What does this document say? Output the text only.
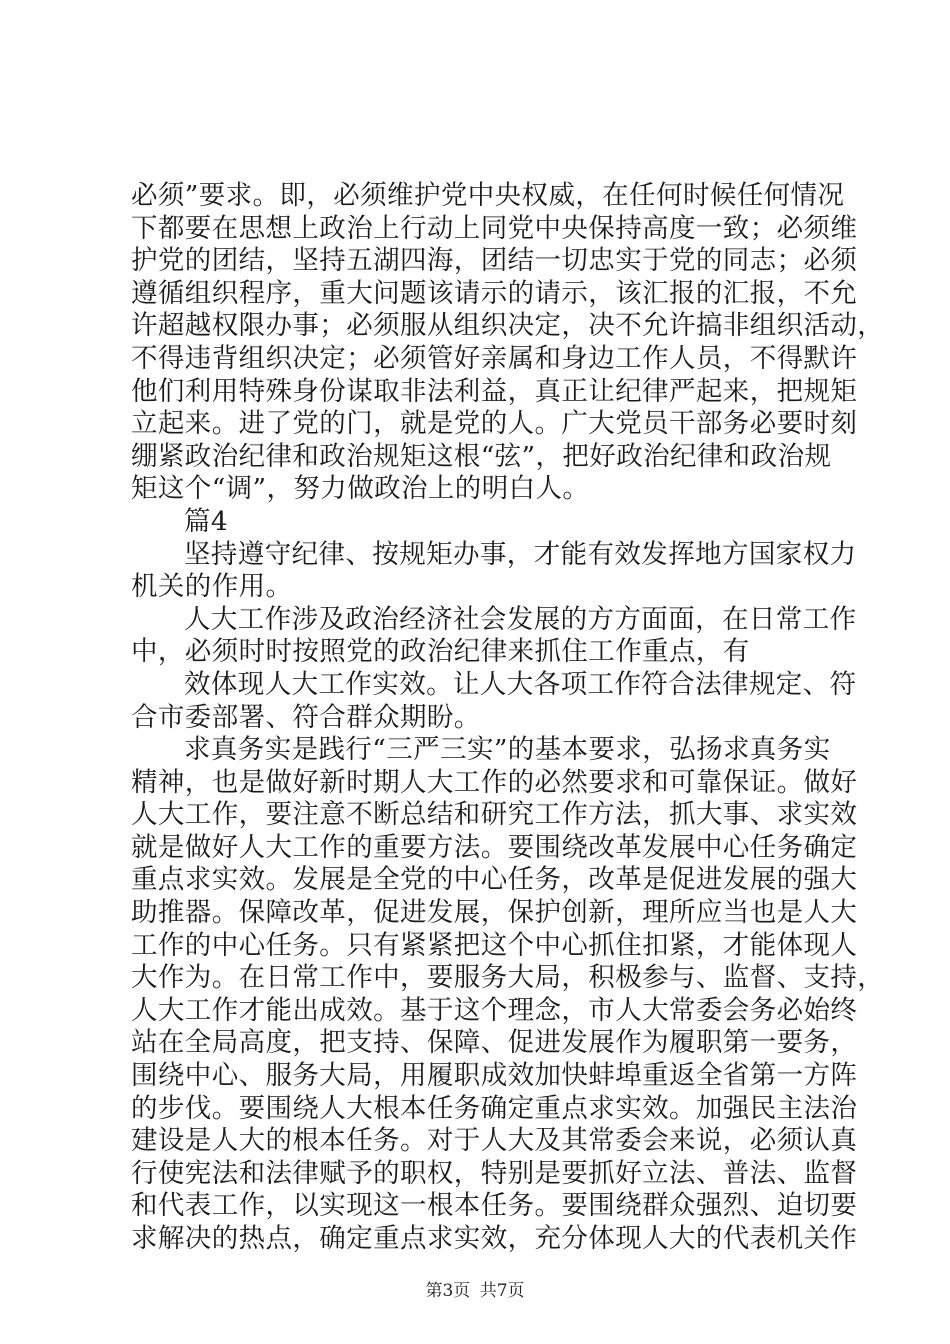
必须”要求。即，必须维护党中央权威，在任何时候任何情况
下都要在思想上政治上行动上同党中央保持高度一致；必须维
护党的团结，坚持五湖四海，团结一切忠实于党的同志；必须
遵循组织程序，重大问题该请示的请示，该汇报的汇报，不允
许超越权限办事；必须服从组织决定，决不允许搞非组织活动，
不得违背组织决定；必须管好亲属和身边工作人员，不得默许
他们利用特殊身份谋取非法利益，真正让纪律严起来，把规矩
立起来。进了党的门，就是党的人。广大党员干部务必要时刻
绷紧政治纪律和政治规矩这根“弦”，把好政治纪律和政治规
矩这个“调”，努力做政治上的明白人。
篇4
坚持遵守纪律、按规矩办事，才能有效发挥地方国家权力
机关的作用。
人大工作涉及政治经济社会发展的方方面面，在日常工作
中，必须时时按照党的政治纪律来抓住工作重点，有
效体现人大工作实效。让人大各项工作符合法律规定、符
合市委部署、符合群众期盼。
求真务实是践行“三严三实”的基本要求，弘扬求真务实
精神，也是做好新时期人大工作的必然要求和可靠保证。做好
人大工作，要注意不断总结和研究工作方法，抓大事、求实效
就是做好人大工作的重要方法。要围绕改革发展中心任务确定
重点求实效。发展是全党的中心任务，改革是促进发展的强大
助推器。保障改革，促进发展，保护创新，理所应当也是人大
工作的中心任务。只有紧紧把这个中心抓住扣紧，才能体现人
大作为。在日常工作中，要服务大局，积极参与、监督、支持，
人大工作才能出成效。基于这个理念，市人大常委会务必始终
站在全局高度，把支持、保障、促进发展作为履职第一要务，
围绕中心、服务大局，用履职成效加快蚌埠重返全省第一方阵
的步伐。要围绕人大根本任务确定重点求实效。加强民主法治
建设是人大的根本任务。对于人大及其常委会来说，必须认真
行使宪法和法律赋予的职权，特别是要抓好立法、普法、监督
和代表工作，以实现这一根本任务。要围绕群众强烈、迫切要
求解决的热点，确定重点求实效，充分体现人大的代表机关作
第3页 共7页
